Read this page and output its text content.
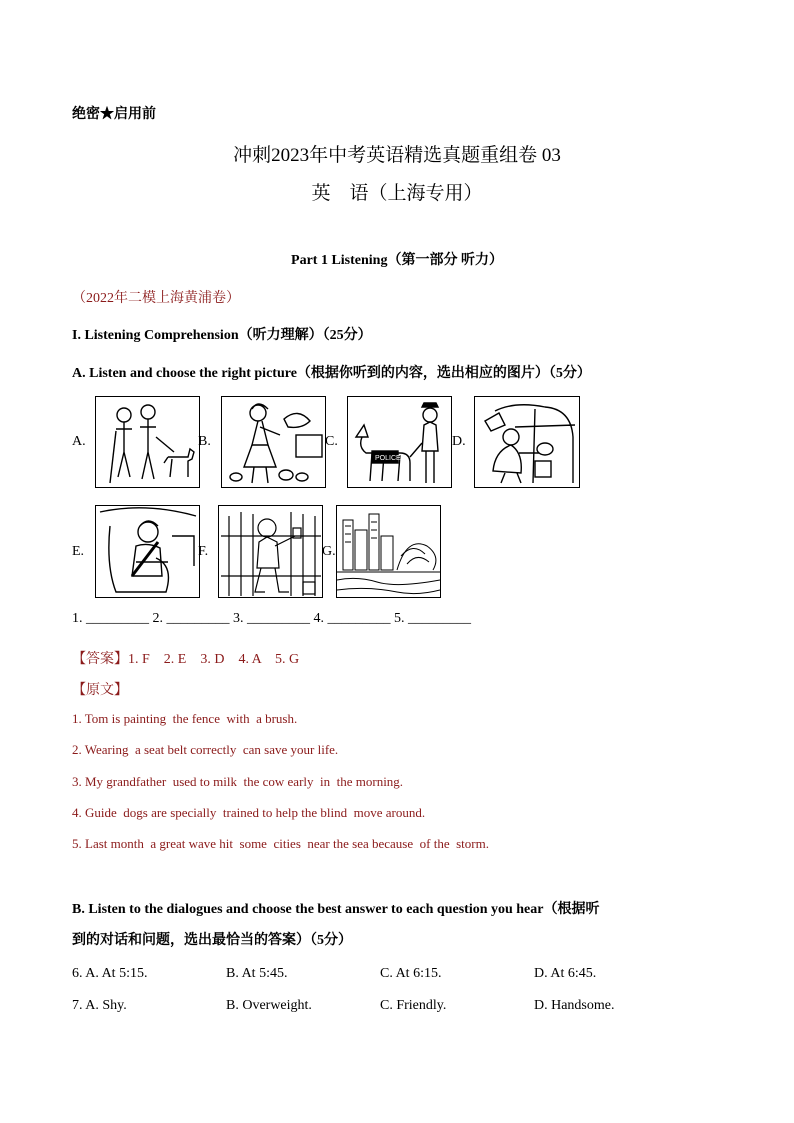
绝密★启用前
冲刺2023年中考英语精选真题重组卷 03
英　语（上海专用）
Part 1 Listening（第一部分 听力）
（2022年二模上海黄浦卷）
I. Listening Comprehension（听力理解）（25分）
A. Listen and choose the right picture（根据你听到的内容，选出相应的图片）（5分）
A.	B.	C.
POLICE
D.
E.	F.	G.
1. _________ 2. _________ 3. _________ 4. _________ 5. _________
【答案】1. F　2. E　3. D　4. A　5. G
【原文】
1. Tom is painting  the fence  with  a brush.
2. Wearing  a seat belt correctly  can save your life.
3. My grandfather  used to milk  the cow early  in  the morning.
4. Guide  dogs are specially  trained to help the blind  move around.
5. Last month  a great wave hit  some  cities  near the sea because  of the  storm.
B. Listen to the dialogues and choose the best answer to each question you hear（根据听
到的对话和问题，选出最恰当的答案）（5分）
6. A. At 5:15.	B. At 5:45.	C. At 6:15.	D. At 6:45.
7. A. Shy.	B. Overweight.	C. Friendly.	D. Handsome.
